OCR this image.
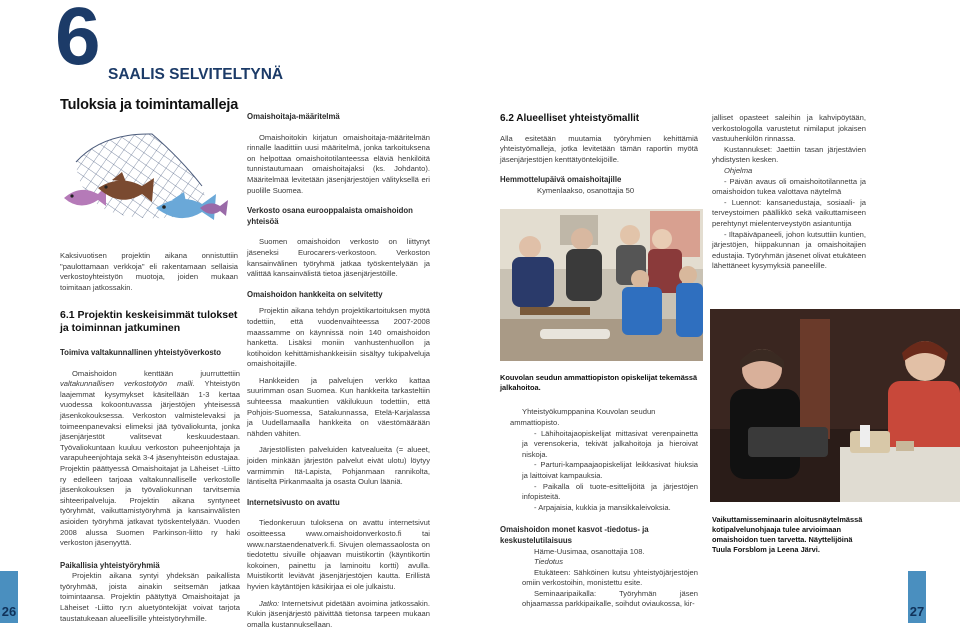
6 SAALIS SELVITELTYNÄ
Tuloksia ja toimintamalleja

Kaksivuotisen projektin aikana onnistuttiin "paulottamaan verkkoja" eli rakentamaan sellaisia verkostoyhteistyön muotoja, joiden mukaan toimitaan jatkossakin.

6.1 Projektin keskeisimmät tulokset ja toiminnan jatkuminen

Toimiva valtakunnallinen yhteistyöverkosto

Omaishoidon kenttään juurruttettiin valtakunnallisen verkostotyön malli. Yhteistyön laajemmat kysymykset käsitellään 1-3 kertaa vuodessa kokoontuvassa järjestöjen yhteisessä jäsenkokouksessa. Verkoston valmistelevaksi ja toimeenpanevaksi elimeksi jää työvaliokunta, jonka jäsenjärjestöt valitsevat keskuudestaan. Työvaliokuntaan kuuluu verkoston puheenjohtaja ja varapuheenjohtaja sekä 3-4 jäsenyhteisön edustajaa. Projektin päättyessä Omaishoitajat ja Läheiset -Liitto ry edelleen tarjoaa valtakunnalliselle verkostolle jäsenkokouksen ja työvaliokunnan tarvitsemia sihteeripalveluja. Projektin aikana syntyneet työryhmät, vaikuttamistyöryhmä ja kansainvälisten asioiden työryhmä jatkavat työskentelyään. Vuoden 2008 alussa Suomen Parkinson-liitto ry haki verkoston jäsenyyttä.

Paikallisia yhteistyöryhmiä

Projektin aikana syntyi yhdeksän paikallista työryhmää, joista ainakin seitsemän jatkaa toimintaansa. Projektin päätyttyä Omaishoitajat ja Läheiset -Liitto ry:n aluetyöntekijät voivat tarjota taustatukeaan aluееllisille yhteistyöryhmille.

Omaishoitaja-määritelmä

Omaishoitokin kirjatun omaishoitaja-määritelmän rinnalle laadittiin uusi määritelmä, jonka tarkoituksena on helpottaa omaishoitotilanteessa eläviä henkilöitä tunnistautumaan omaishoitajaksi (ks. Johdanto). Määritelmää levitetään jäsenjärjestöjen välityksellä eri puolille Suomea.

Verkosto osana eurooppalaista omaishoidon yhteisöä

Suomen omaishoidon verkosto on liittynyt jäseneksi Eurocarers-verkostoon. Verkoston kansainvälinen työryhmä jatkaa työskentelyään ja välittää kansainvälistä tietoa jäsenjärjestöille.

Omaishoidon hankkeita on selvitetty

Projektin aikana tehdyn projektikartoituksen myötä todettiin, että vuodenvaihteessa 2007-2008 maassamme on käynnissä noin 140 omaishoidon hanketta. Lisäksi moniin vanhustenhuollon ja kotihoidon kehittämishankkeisiin sisältyy tukipalveluja omaishoitajille.

Hankkeiden ja palvelujen verkko kattaa suurimman osan Suomea. Kun hankkeita tarkasteltiin suhteessa maakuntien väkilukuun todettiin, että Pohjois-Suomessa, Satakunnassa, Etelä-Karjalassa ja Uudellamaalla hankkeita on väestömäärään nähden vähiten.

Järjestöllisten palveluiden katvealueita (= alueet, joiden minkään järjestön palvelut eivät ulotu) löytyy varmimmin Itä-Lapista, Pohjanmaan rannikolta, läntiseltä Pirkanmaalta ja osasta Oulun lääniä.

Internetsivusto on avattu

Tiedonkeruun tuloksena on avattu internetsivut osoitteessa www.omaishoidonverkosto.fi tai www.narstaendenatverk.fi. Sivujen olemassaolosta on tiedotettu sivuille ohjaavan muistikortin (käyntikortin kokoinen, painettu ja laminoitu kortti) avulla. Muistikortit leviävät jäsenjärjestöjen kautta. Erillistä hyvien käytäntöjen käsikirjaa ei ole julkaistu.

Jatko: Internetsivut pidetään avoimina jatkossakin. Kukin jäsenjärjestö päivittää tietonsa tarpeen mukaan omalla kustannuksellaan.

26

6.2 Alueelliset yhteistyömallit

Alla esitetään muutamia työryhmien kehittämiä yhteistyömalleja, jotka levitetään tämän raportin myötä jäsenjärjestöjen kenttätyöntekijöille.

Hemmottelupäivä omaishoitajille

Kymenlaakso, osanottajia 50

Kouvolan seudun ammattiopiston opiskelijat tekemässä jalkahoitoa.

Yhteistyökumppanina Kouvolan seudun ammattiopisto.

- Lähihoitajaopiskelijat mittasivat verenpainetta ja verensokeria, tekivät jalkahoitoja ja hieroivat niskoja.

- Parturi-kampaajaopiskelijat leikkasivat hiuksia ja laittoivat kampauksia.

- Paikalla oli tuote-esittelijöitä ja järjestöjen infopisteitä.

- Arpajaisia, kukkia ja mansikkaleivoksia.

Omaishoidon monet kasvot -tiedotus- ja keskustelutilaisuus

Häme-Uusimaa, osanottajia 108.

Tiedotus

Etukäteen: Sähköinen kutsu yhteistyöjärjestöjen omiin verkostoihin, monistettu esite.

Seminaaripaikalla: Työryhmän jäsen ohjaamassa parkkipaikalle, soihdut oviaukossa, kir-

jalliset opasteet saleihin ja kahvipöytään, verkostologolla varustetut nimilaput jokaisen vastuuhenkilön rinnassa.

Kustannukset: Jaettiin tasan järjestävien yhdistysten kesken.

Ohjelma

- Päivän avaus oli omaishoitotilannetta ja omaishoidon tukea valottava näytelmä

- Luennot: kansanedustaja, sosiaali- ja terveystoimen päällikkö sekä vaikuttamiseen perehtynyt mielenterveystyön asiantuntija

- Iltapäiväpaneeli, johon kutsuttiin kuntien, järjestöjen, hiippakunnan ja omaishoitajien edustajia. Työryhmän jäsenet olivat etukäteen lähettäneet kysymyksiä paneelille.

Vaikuttamisseminaarin aloitusnäytelmässä kotipalvelunohjaaja tulee arvioimaan omaishoidon tuen tarvetta. Näyttelijöinä Tuula Forsblom ja Leena Järvi.

27
